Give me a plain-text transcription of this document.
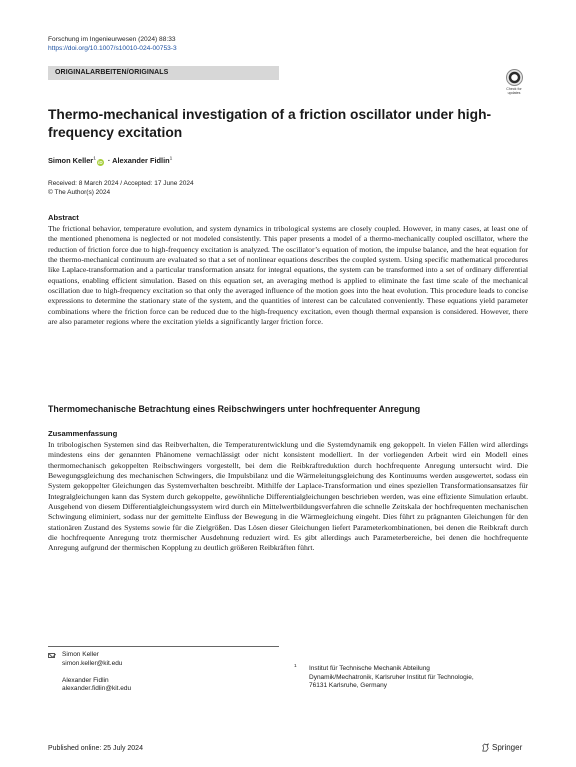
Forschung im Ingenieurwesen (2024) 88:33
https://doi.org/10.1007/s10010-024-00753-3
ORIGINALARBEITEN/ORIGINALS
Check for
updates
Thermo-mechanical investigation of a friction oscillator under high-frequency excitation
Simon Keller$^1$iD · Alexander Fidlin$^1$
Received: 8 March 2024 / Accepted: 17 June 2024
© The Author(s) 2024
Abstract
The frictional behavior, temperature evolution, and system dynamics in tribological systems are closely coupled. However, in many cases, at least one of the mentioned phenomena is neglected or not modeled consistently. This paper presents a model of a thermo-mechanically coupled oscillator, where the reduction of friction force due to high-frequency excitation is analyzed. The oscillator’s equation of motion, the impulse balance, and the heat equation for the thermo-mechanical continuum are evaluated so that a set of nonlinear equations describes the coupled system. Using specific mathematical procedures like Laplace-transformation and a particular transformation ansatz for integral equations, the system can be transformed into a set of ordinary differential equations, enabling efficient simulation. Based on this equation set, an averaging method is applied to eliminate the fast time scale of the mechanical oscillation due to high-frequency excitation so that only the averaged influence of the motion goes into the heat evolution. This procedure leads to concise expressions to determine the stationary state of the system, and the quantities of interest can be calculated conveniently. These equations yield parameter combinations where the friction force can be reduced due to the high-frequency excitation, even though thermal expansion is considered. However, there are also parameter regions where the excitation yields a significantly larger friction force.
Thermomechanische Betrachtung eines Reibschwingers unter hochfrequenter Anregung
Zusammenfassung
In tribologischen Systemen sind das Reibverhalten, die Temperaturentwicklung und die Systemdynamik eng gekoppelt. In vielen Fällen wird allerdings mindestens eins der genannten Phänomene vernachlässigt oder nicht konsistent modelliert. In der vorliegenden Arbeit wird ein Modell eines thermomechanisch gekoppelten Reibschwingers vorgestellt, bei dem die Reibkraftreduktion durch hochfrequente Anregung untersucht wird. Die Bewegungsgleichung des mechanischen Schwingers, die Impulsbilanz und die Wärmeleitungsgleichung des Kontinuums werden ausgewertet, sodass ein System gekoppelter Gleichungen das Systemverhalten beschreibt. Mithilfe der Laplace-Transformation und eines speziellen Transformationsansatzes für Integralgleichungen kann das System durch gekoppelte, gewöhnliche Differentialgleichungen beschrieben werden, was eine effiziente Simulation erlaubt. Ausgehend von diesem Differentialgleichungssystem wird durch ein Mittelwertbildungsverfahren die schnelle Zeitskala der hochfrequenten mechanischen Schwingung eliminiert, sodass nur der gemittelte Einfluss der Bewegung in die Wärmegleichung eingeht. Dies führt zu prägnanten Gleichungen für den stationären Zustand des Systems sowie für die Zielgrößen. Das Lösen dieser Gleichungen liefert Parameterkombinationen, bei denen die Reibkraft durch die hochfrequente Anregung trotz thermischer Ausdehnung reduziert wird. Es gibt allerdings auch Parameterbereiche, bei denen die hochfrequente Anregung aufgrund der thermischen Kopplung zu deutlich größeren Reibkräften führt.
Simon Keller
simon.keller@kit.edu
Alexander Fidlin
alexander.fidlin@kit.edu
1 Institut für Technische Mechanik Abteilung
Dynamik/Mechatronik, Karlsruher Institut für Technologie,
76131 Karlsruhe, Germany
Published online: 25 July 2024	Springer
